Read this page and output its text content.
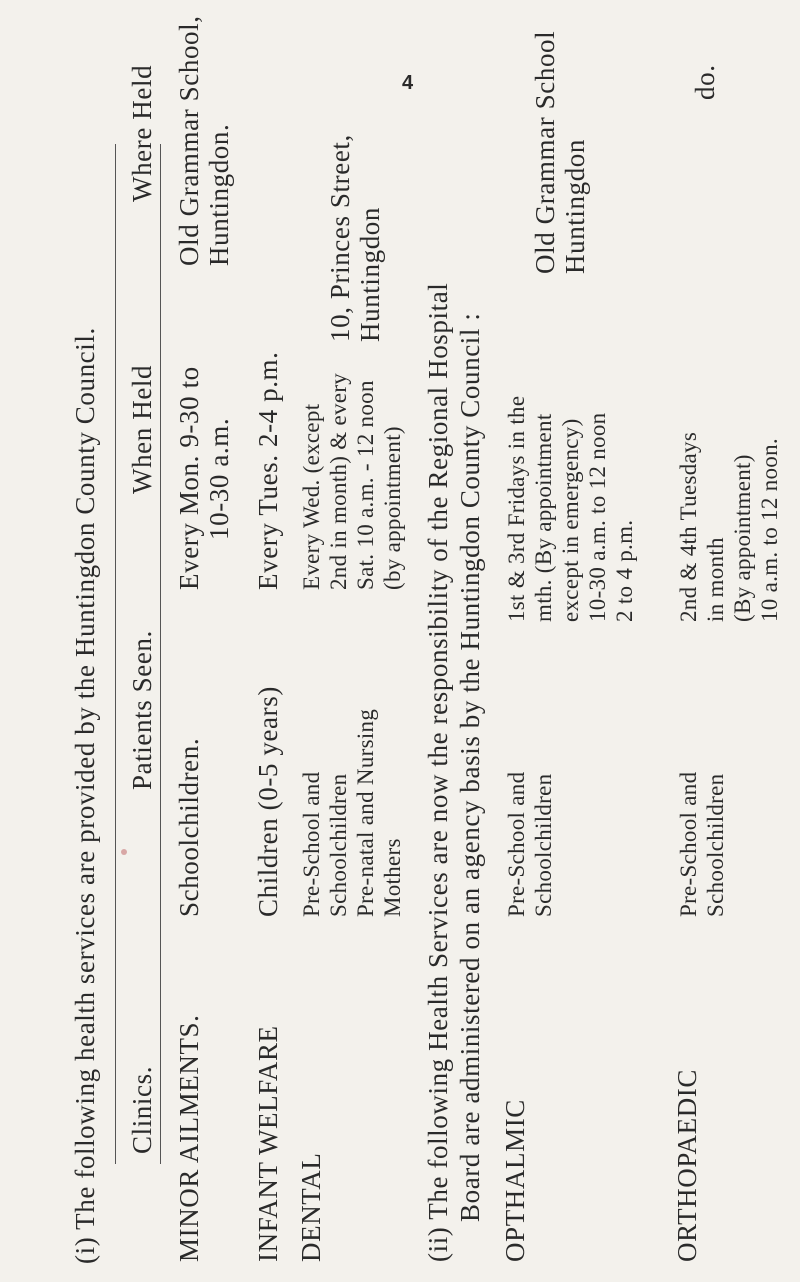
4
(i) The following health services are provided by the Huntingdon County Council. Clinics.
Patients Seen.
When Held
Where Held
MINOR AILMENTS.
Schoolchildren.
Every Mon. 9-30 to 10-30 a.m.
Old Grammar School, Huntingdon.
INFANT WELFARE
Children (0-5 years)
Every Tues. 2-4 p.m.
DENTAL
Pre-School and Schoolchildren Pre-natal and Nursing Mothers
Every Wed. (except 2nd in month) & every Sat. 10 a.m. - 12 noon (by appointment)
10, Princes Street, Huntingdon
(ii) The following Health Services are now the responsibility of the Regional Hospital Board are administered on an agency basis by the Huntingdon County Council : OPTHALMIC
Pre-School and Schoolchildren
1st & 3rd Fridays in the mth. (By appointment except in emergency) 10-30 a.m. to 12 noon 2 to 4 p.m.
Old Grammar School Huntingdon
ORTHOPAEDIC
Pre-School and Schoolchildren
2nd & 4th Tuesdays in month (By appointment) 10 a.m. to 12 noon.
do.
